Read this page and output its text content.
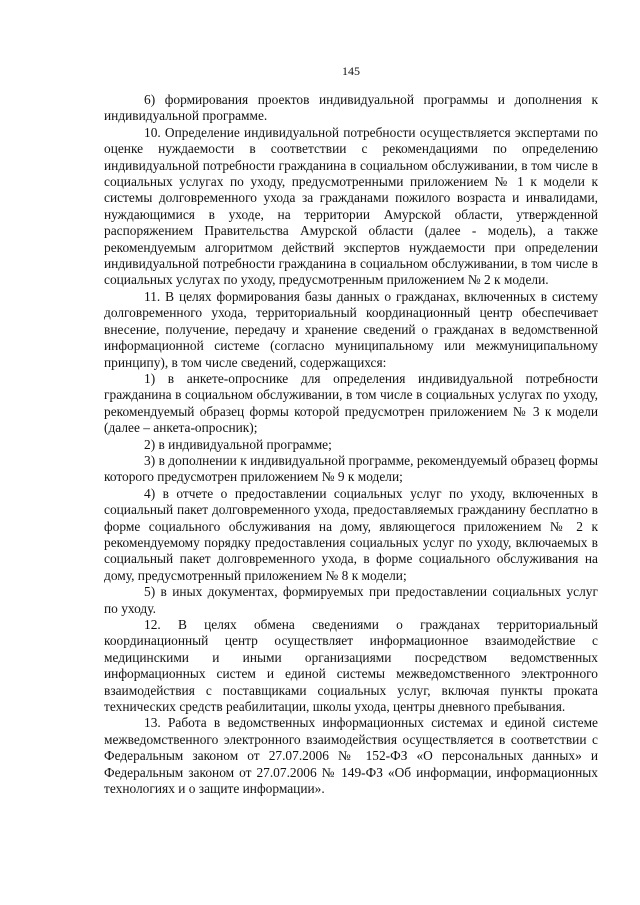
145

6) формирования проектов индивидуальной программы и дополнения к индивидуальной программе.

10. Определение индивидуальной потребности осуществляется экспертами по оценке нуждаемости в соответствии с рекомендациями по определению индивидуальной потребности гражданина в социальном обслуживании, в том числе в социальных услугах по уходу, предусмотренными приложением № 1 к модели к системы долговременного ухода за гражданами пожилого возраста и инвалидами, нуждающимися в уходе, на территории Амурской области, утвержденной распоряжением Правительства Амурской области (далее - модель), а также рекомендуемым алгоритмом действий экспертов нуждаемости при определении индивидуальной потребности гражданина в социальном обслуживании, в том числе в социальных услугах по уходу, предусмотренным приложением № 2 к модели.

11. В целях формирования базы данных о гражданах, включенных в систему долговременного ухода, территориальный координационный центр обеспечивает внесение, получение, передачу и хранение сведений о гражданах в ведомственной информационной системе (согласно муниципальному или межмуниципальному принципу), в том числе сведений, содержащихся:

1) в анкете-опроснике для определения индивидуальной потребности гражданина в социальном обслуживании, в том числе в социальных услугах по уходу, рекомендуемый образец формы которой предусмотрен приложением № 3 к модели (далее – анкета-опросник);

2) в индивидуальной программе;

3) в дополнении к индивидуальной программе, рекомендуемый образец формы которого предусмотрен приложением № 9 к модели;

4) в отчете о предоставлении социальных услуг по уходу, включенных в социальный пакет долговременного ухода, предоставляемых гражданину бесплатно в форме социального обслуживания на дому, являющегося приложением № 2 к рекомендуемому порядку предоставления социальных услуг по уходу, включаемых в социальный пакет долговременного ухода, в форме социального обслуживания на дому, предусмотренный приложением № 8 к модели;

5) в иных документах, формируемых при предоставлении социальных услуг по уходу.

12. В целях обмена сведениями о гражданах территориальный координационный центр осуществляет информационное взаимодействие с медицинскими и иными организациями посредством ведомственных информационных систем и единой системы межведомственного электронного взаимодействия с поставщиками социальных услуг, включая пункты проката технических средств реабилитации, школы ухода, центры дневного пребывания.

13. Работа в ведомственных информационных системах и единой системе межведомственного электронного взаимодействия осуществляется в соответствии с Федеральным законом от 27.07.2006 № 152-ФЗ «О персональных данных» и Федеральным законом от 27.07.2006 № 149-ФЗ «Об информации, информационных технологиях и о защите информации».
